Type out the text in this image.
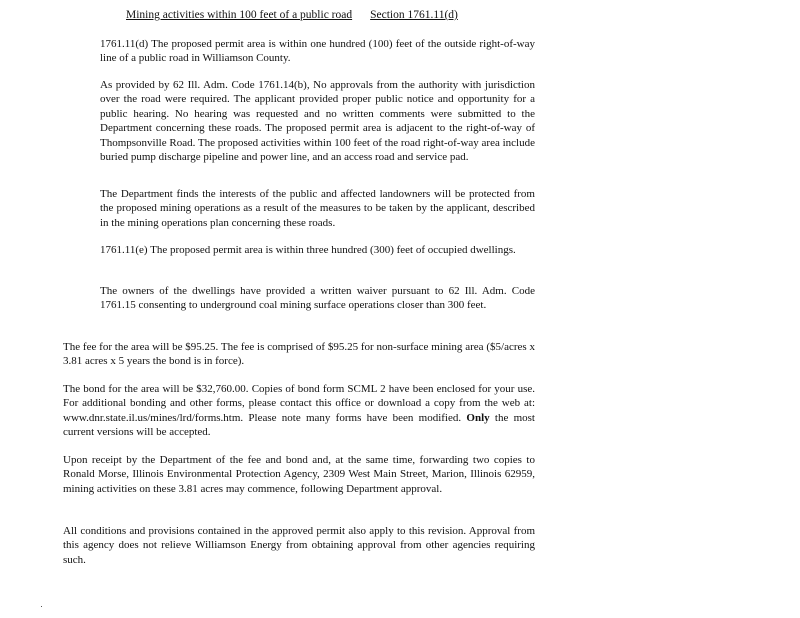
Mining activities within 100 feet of a public road Section 1761.11(d)

1761.11(d) The proposed permit area is within one hundred (100) feet of the outside right-of-way line of a public road in Williamson County.

As provided by 62 Ill. Adm. Code 1761.14(b), No approvals from the authority with jurisdiction over the road were required. The applicant provided proper public notice and opportunity for a public hearing. No hearing was requested and no written comments were submitted to the Department concerning these roads. The proposed permit area is adjacent to the right-of-way of Thompsonville Road. The proposed activities within 100 feet of the road right-of-way area include buried pump discharge pipeline and power line, and an access road and service pad.

The Department finds the interests of the public and affected landowners will be protected from the proposed mining operations as a result of the measures to be taken by the applicant, described in the mining operations plan concerning these roads.

1761.11(e) The proposed permit area is within three hundred (300) feet of occupied dwellings.

The owners of the dwellings have provided a written waiver pursuant to 62 Ill. Adm. Code 1761.15 consenting to underground coal mining surface operations closer than 300 feet.

The fee for the area will be $95.25. The fee is comprised of $95.25 for non-surface mining area ($5/acres x 3.81 acres x 5 years the bond is in force).

The bond for the area will be $32,760.00. Copies of bond form SCML 2 have been enclosed for your use. For additional bonding and other forms, please contact this office or download a copy from the web at: www.dnr.state.il.us/mines/lrd/forms.htm. Please note many forms have been modified. Only the most current versions will be accepted.

Upon receipt by the Department of the fee and bond and, at the same time, forwarding two copies to Ronald Morse, Illinois Environmental Protection Agency, 2309 West Main Street, Marion, Illinois 62959, mining activities on these 3.81 acres may commence, following Department approval.

All conditions and provisions contained in the approved permit also apply to this revision. Approval from this agency does not relieve Williamson Energy from obtaining approval from other agencies requiring such.
